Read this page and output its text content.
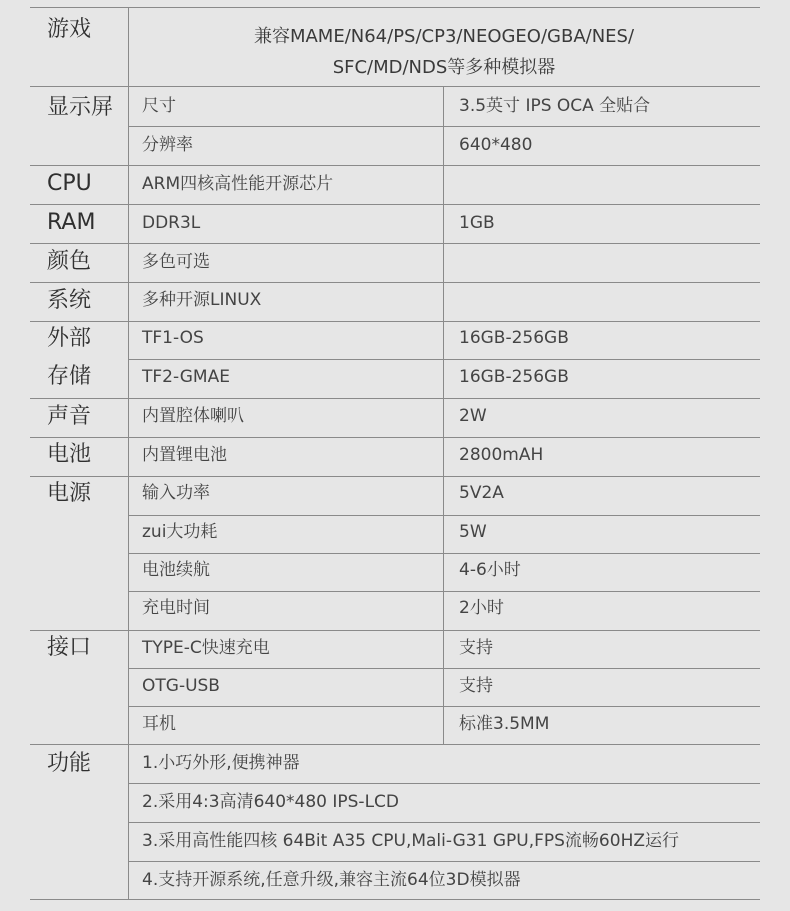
游戏	兼容MAME/N64/PS/CP3/NEOGEO/GBA/NES/
SFC/MD/NDS等多种模拟器
显示屏
CPU
RAM
颜色
系统
外部
存储
声音
电池
电源
接口
功能
尺寸
分辨率
ARM四核高性能开源芯片
DDR3L
多色可选
多种开源LINUX
TF1-OS
TF2-GMAE
内置腔体喇叭
内置锂电池
输入功率
zui大功耗
电池续航
充电时间
TYPE-C快速充电
OTG-USB
耳机
3.5英寸 IPS OCA 全贴合
640*480
1GB
16GB-256GB
16GB-256GB
2W
2800mAH
5V2A
5W
4-6小时
2小时
支持
支持
标准3.5MM
1.小巧外形,便携神器
2.采用4:3高清640*480 IPS-LCD
3.采用高性能四核 64Bit A35 CPU,Mali-G31 GPU,FPS流畅60HZ运行
4.支持开源系统,任意升级,兼容主流64位3D模拟器
